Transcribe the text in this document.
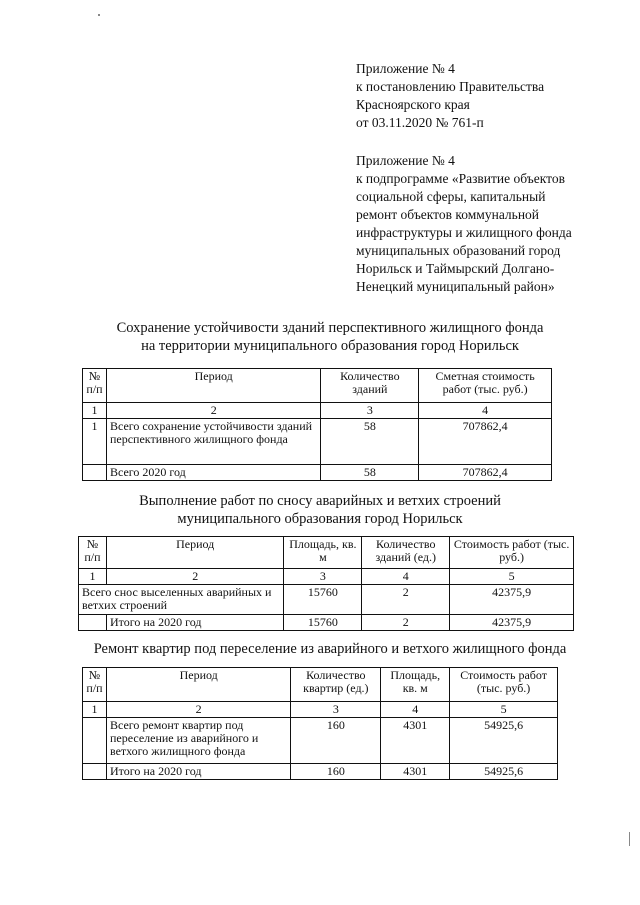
Приложение № 4

к постановлению Правительства

Красноярского края

от 03.11.2020 № 761-п

Приложение № 4

к подпрограмме «Развитие объектов

социальной сферы, капитальный

ремонт объектов коммунальной

инфраструктуры и жилищного фонда

муниципальных образований город

Норильск и Таймырский Долгано-

Ненецкий муниципальный район»

Сохранение устойчивости зданий перспективного жилищного фонда
на территории муниципального образования город Норильск
№ п/п	Период	Количество зданий	Сметная стоимость работ (тыс. руб.)
1	2	3	4
1	Всего сохранение устойчивости зданий перспективного жилищного фонда	58	707862,4
	Всего 2020 год	58	707862,4
Выполнение работ по сносу аварийных и ветхих строений
муниципального образования город Норильск
№ п/п	Период	Площадь, кв. м	Количество зданий (ед.)	Стоимость работ (тыс. руб.)
1	2	3	4	5
Всего снос выселенных аварийных и ветхих строений		15760	2	42375,9
	Итого на 2020 год	15760	2	42375,9
Ремонт квартир под переселение из аварийного и ветхого жилищного фонда
№ п/п	Период	Количество квартир (ед.)	Площадь, кв. м	Стоимость работ (тыс. руб.)
1	2	3	4	5
	Всего ремонт квартир под переселение из аварийного и ветхого жилищного фонда	160	4301	54925,6
	Итого на 2020 год	160	4301	54925,6
